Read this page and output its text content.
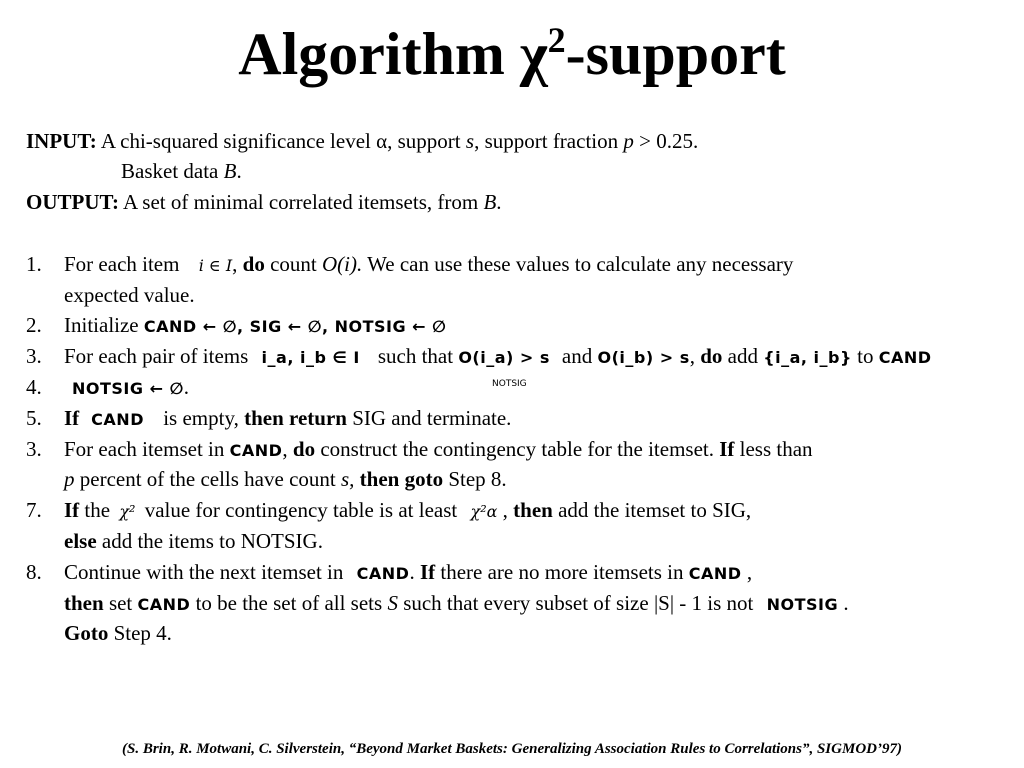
Algorithm $\chi^2$-support
INPUT: A chi-squared significance level α, support s, support fraction p > 0.25.
Basket data B.
OUTPUT: A set of minimal correlated itemsets, from B.
1. For each item i ∈ I, do count O(i). We can use these values to calculate any necessary
expected value.
2. Initialize CAND ← ∅, SIG ← ∅, NOTSIG ← ∅
3. For each pair of items i_a, i_b ∈ I such that O(i_a) > s and O(i_b) > s, do add {i_a, i_b} to CAND
4. NOTSIG ← ∅.	NOTSIG
5. If CAND is empty, then return SIG and terminate.
3. For each itemset in CAND, do construct the contingency table for the itemset. If less than
p percent of the cells have count s, then goto Step 8.
7. If the χ² value for contingency table is at least χ²α , then add the itemset to SIG,
else add the items to NOTSIG.
8. Continue with the next itemset in CAND. If there are no more itemsets in CAND ,
then set CAND to be the set of all sets S such that every subset of size |S| - 1 is not NOTSIG .
Goto Step 4.
(S. Brin, R. Motwani, C. Silverstein, “Beyond Market Baskets: Generalizing Association Rules to Correlations”, SIGMOD’97)
